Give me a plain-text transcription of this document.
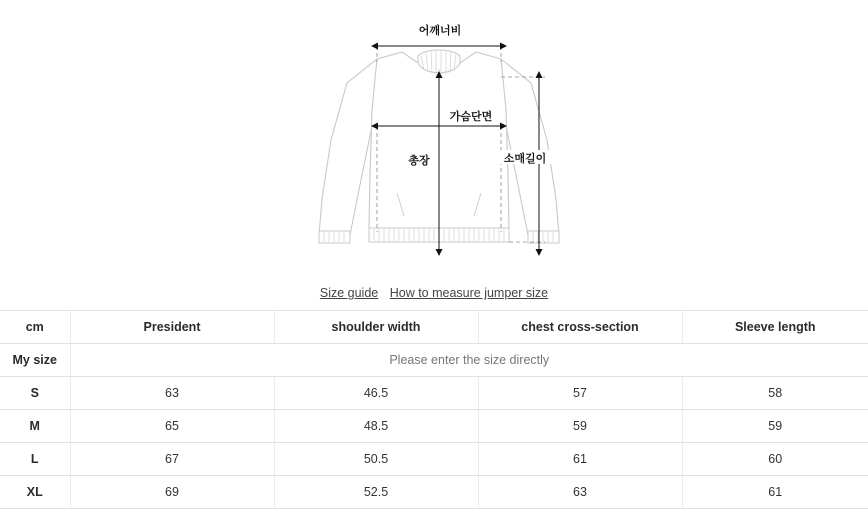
어깨너비
가슴단면
총장	소매길이
Size guide How to measure jumper size
cm	President	shoulder width	chest cross-section	Sleeve length
My size	Please enter the size directly			
S	63	46.5	57	58
M	65	48.5	59	59
L	67	50.5	61	60
XL	69	52.5	63	61
